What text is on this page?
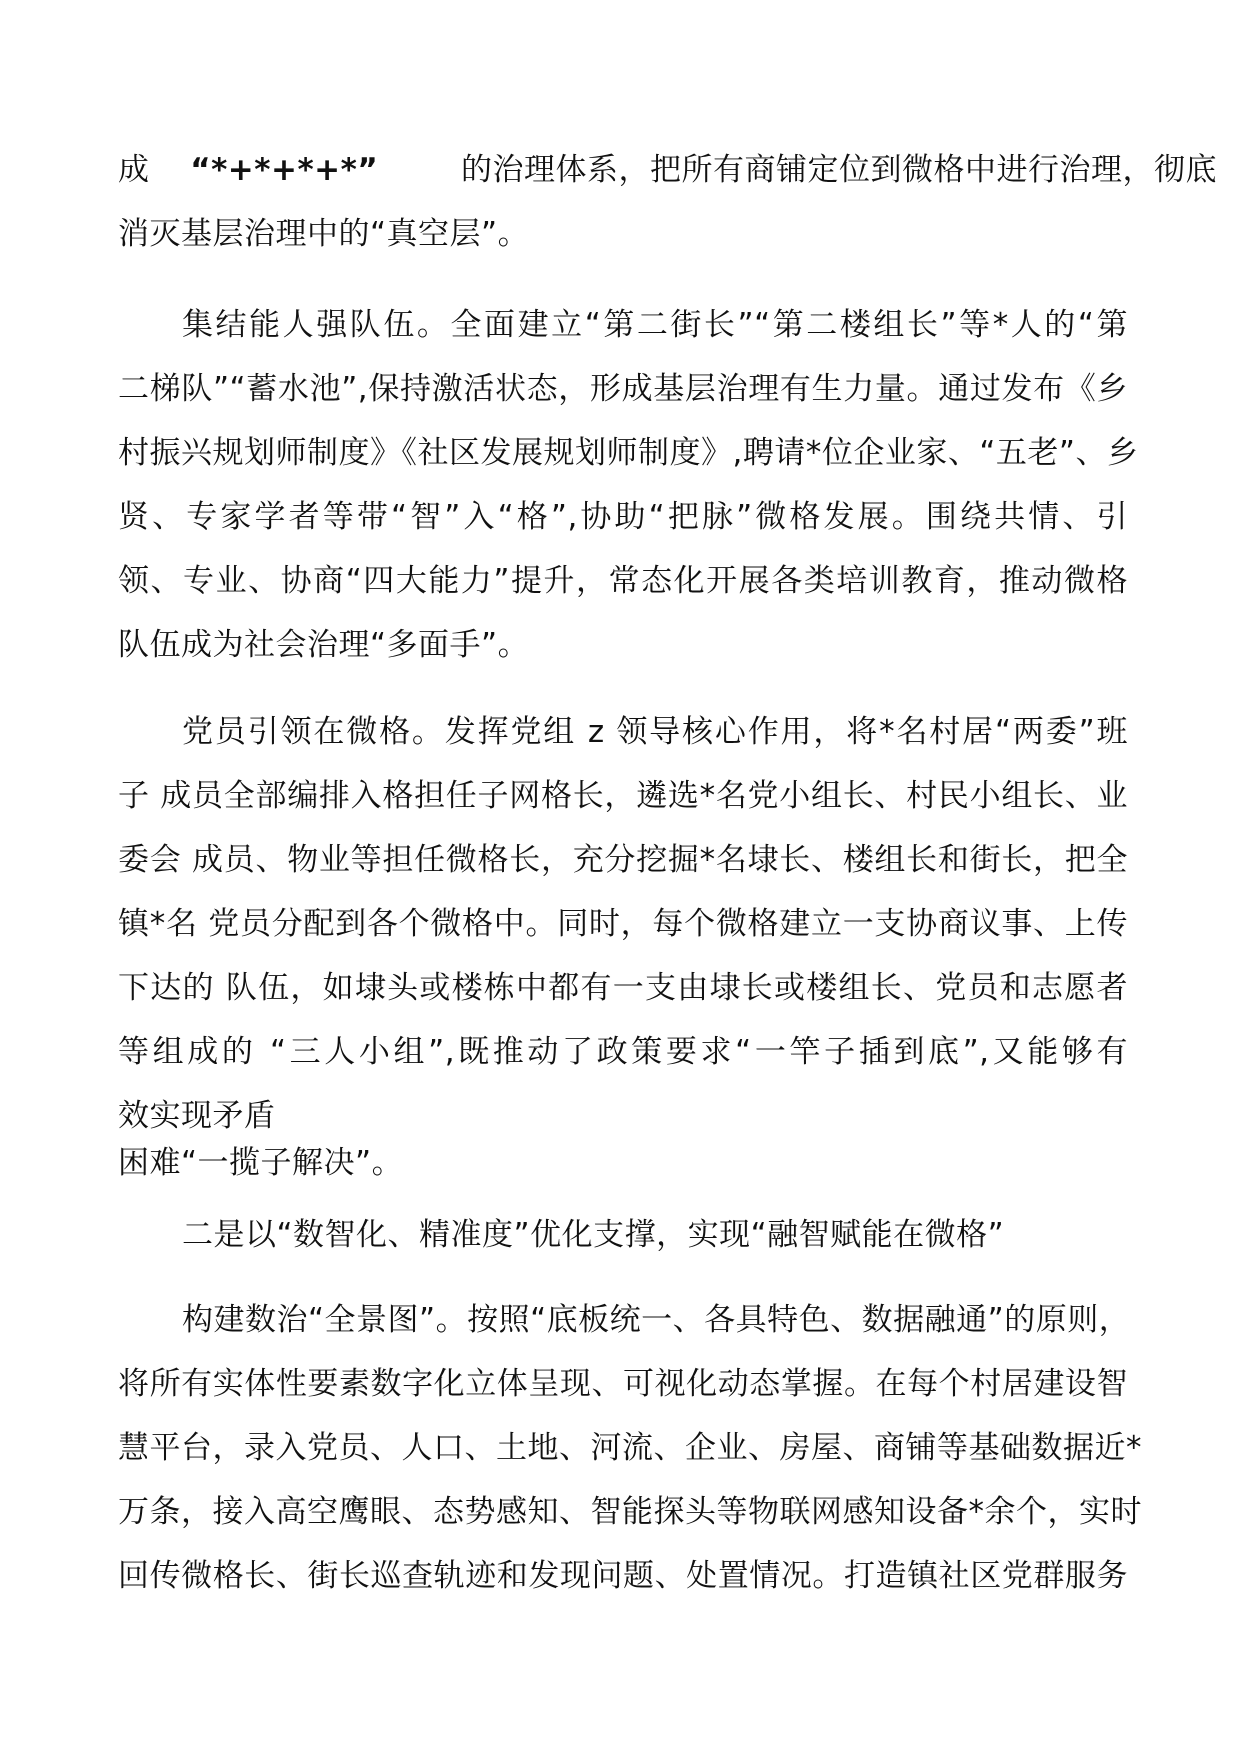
成 “*+*+*+*”	的治理体系，把所有商铺定位到微格中进行治理，彻底
消灭基层治理中的“真空层”。
集结能人强队伍。全面建立“第二街长”“第二楼组长”等*人的“第
二梯队”“蓄水池”,保持激活状态，形成基层治理有生力量。通过发布《乡
村振兴规划师制度》《社区发展规划师制度》,聘请*位企业家、“五老”、乡
贤、专家学者等带“智”入“格”,协助“把脉”微格发展。围绕共情、引
领、专业、协商“四大能力”提升，常态化开展各类培训教育，推动微格
队伍成为社会治理“多面手”。
党员引领在微格。发挥党组 z 领导核心作用，将*名村居“两委”班
子 成员全部编排入格担任子网格长，遴选*名党小组长、村民小组长、业
委会 成员、物业等担任微格长，充分挖掘*名埭长、楼组长和街长，把全
镇*名 党员分配到各个微格中。同时，每个微格建立一支协商议事、上传
下达的 队伍，如埭头或楼栋中都有一支由埭长或楼组长、党员和志愿者
等组成的 “三人小组”,既推动了政策要求“一竿子插到底”,又能够有
效实现矛盾
困难“一揽子解决”。
二是以“数智化、精准度”优化支撑，实现“融智赋能在微格”
构建数治“全景图”。按照“底板统一、各具特色、数据融通”的原则，
将所有实体性要素数字化立体呈现、可视化动态掌握。在每个村居建设智
慧平台，录入党员、人口、土地、河流、企业、房屋、商铺等基础数据近*
万条，接入高空鹰眼、态势感知、智能探头等物联网感知设备*余个，实时
回传微格长、街长巡查轨迹和发现问题、处置情况。打造镇社区党群服务
